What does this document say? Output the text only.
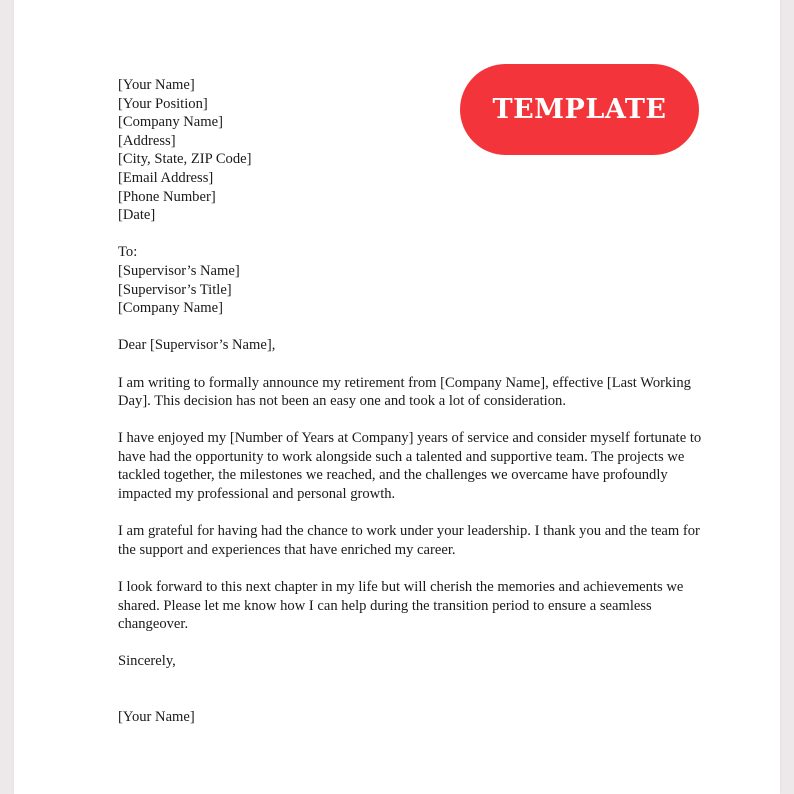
TEMPLATE
[Your Name]
[Your Position]
[Company Name]
[Address]
[City, State, ZIP Code]
[Email Address]
[Phone Number]
[Date]
To:
[Supervisor’s Name]
[Supervisor’s Title]
[Company Name]
Dear [Supervisor’s Name],
I am writing to formally announce my retirement from [Company Name], effective [Last Working
Day]. This decision has not been an easy one and took a lot of consideration.
I have enjoyed my [Number of Years at Company] years of service and consider myself fortunate to
have had the opportunity to work alongside such a talented and supportive team. The projects we
tackled together, the milestones we reached, and the challenges we overcame have profoundly
impacted my professional and personal growth.
I am grateful for having had the chance to work under your leadership. I thank you and the team for
the support and experiences that have enriched my career.
I look forward to this next chapter in my life but will cherish the memories and achievements we
shared. Please let me know how I can help during the transition period to ensure a seamless
changeover.
Sincerely,
[Your Name]
